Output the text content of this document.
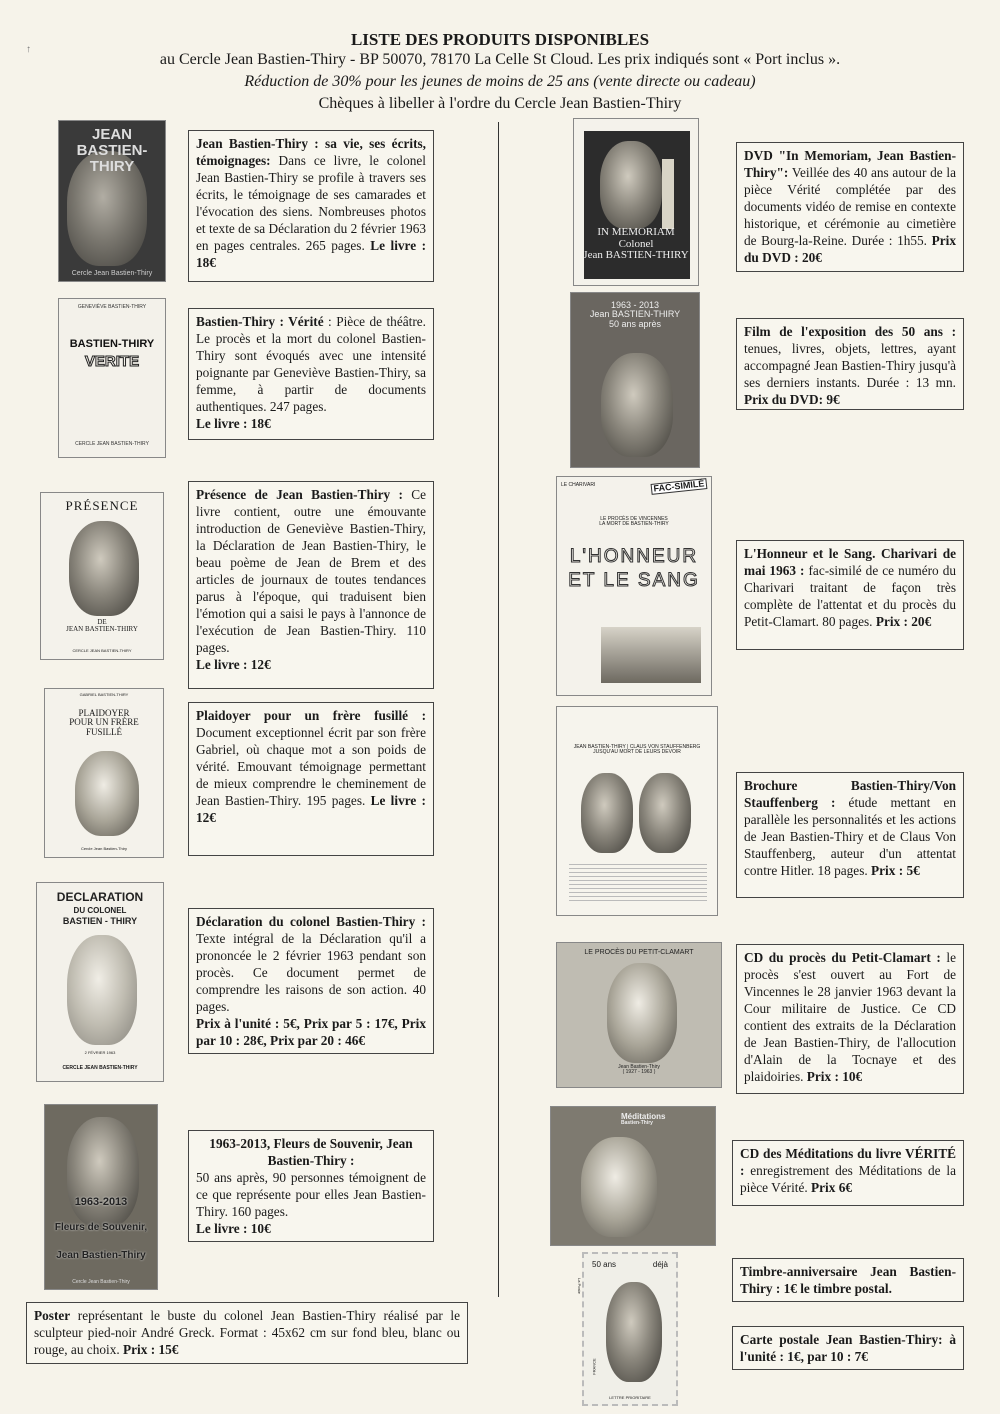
LISTE DES PRODUITS DISPONIBLES
au Cercle Jean Bastien-Thiry - BP 50070, 78170 La Celle St Cloud. Les prix indiqués sont « Port inclus ».
Réduction de 30% pour les jeunes de moins de 25 ans (vente directe ou cadeau)
Chèques à libeller à l'ordre du Cercle Jean Bastien-Thiry
↑
JEAN
BASTIEN-
THIRY
Cercle Jean Bastien-Thiry
Jean Bastien-Thiry : sa vie, ses écrits, témoignages: Dans ce livre, le colonel Jean Bastien-Thiry se profile à travers ses écrits, le témoignage de ses camarades et l'évocation des siens. Nombreuses photos et texte de sa Déclaration du 2 février 1963 en pages centrales. 265 pages. Le livre : 18€
GENEVIÈVE BASTIEN-THIRY
BASTIEN-THIRY
VERITE
CERCLE JEAN BASTIEN-THIRY
Bastien-Thiry : Vérité : Pièce de théâtre. Le procès et la mort du colonel Bastien-Thiry sont évoqués avec une intensité poignante par Geneviève Bastien-Thiry, sa femme, à partir de documents authentiques. 247 pages.
Le livre : 18€
PRÉSENCE
DE
JEAN BASTIEN-THIRY
CERCLE JEAN BASTIEN-THIRY
Présence de Jean Bastien-Thiry : Ce livre contient, outre une émouvante introduction de Geneviève Bastien-Thiry, la Déclaration de Jean Bastien-Thiry, le beau poème de Jean de Brem et des articles de journaux de toutes tendances parus à l'époque, qui traduisent bien l'émotion qui a saisi le pays à l'annonce de l'exécution de Jean Bastien-Thiry. 110 pages.
Le livre : 12€
GABRIEL BASTIEN-THIRY
PLAIDOYER
POUR UN FRÈRE
FUSILLÉ
Cercle Jean Bastien-Thiry
Plaidoyer pour un frère fusillé : Document exceptionnel écrit par son frère Gabriel, où chaque mot a son poids de vérité. Emouvant témoignage permettant de mieux comprendre le cheminement de Jean Bastien-Thiry. 195 pages. Le livre : 12€
DECLARATION
DU COLONEL
BASTIEN - THIRY
2 FÉVRIER 1963
CERCLE JEAN BASTIEN-THIRY
Déclaration du colonel Bastien-Thiry : Texte intégral de la Déclaration qu'il a prononcée le 2 février 1963 pendant son procès. Ce document permet de comprendre les raisons de son action. 40 pages.
Prix à l'unité : 5€, Prix par 5 : 17€, Prix par 10 : 28€, Prix par 20 : 46€
1963-2013
Fleurs de Souvenir,
Jean Bastien-Thiry
Cercle Jean Bastien-Thiry
1963-2013, Fleurs de Souvenir, Jean Bastien-Thiry :
50 ans après, 90 personnes témoignent de ce que représente pour elles Jean Bastien-Thiry. 160 pages.
Le livre : 10€
Poster représentant le buste du colonel Jean Bastien-Thiry réalisé par le sculpteur pied-noir André Greck. Format : 45x62 cm sur fond bleu, blanc ou rouge, au choix. Prix : 15€
IN MEMORIAM
Colonel
Jean BASTIEN-THIRY
DVD "In Memoriam, Jean Bastien-Thiry": Veillée des 40 ans autour de la pièce Vérité complétée par des documents vidéo de remise en contexte historique, et cérémonie au cimetière de Bourg-la-Reine. Durée : 1h55. Prix du DVD : 20€
1963 - 2013
Jean BASTIEN-THIRY
50 ans après
Film de l'exposition des 50 ans : tenues, livres, objets, lettres, ayant accompagné Jean Bastien-Thiry jusqu'à ses derniers instants. Durée : 13 mn. Prix du DVD: 9€
LE CHARIVARI	FAC-SIMILÉ
LE PROCÈS DE VINCENNES
LA MORT DE BASTIEN-THIRY
L'HONNEUR
ET LE SANG
L'Honneur et le Sang. Charivari de mai 1963 : fac-similé de ce numéro du Charivari traitant de façon très complète de l'attentat et du procès du Petit-Clamart. 80 pages. Prix : 20€
JEAN BASTIEN-THIRY | CLAUS VON STAUFFENBERG
JUSQU'AU MORT DE LEURS DEVOIR
Brochure Bastien-Thiry/Von Stauffenberg : étude mettant en parallèle les personnalités et les actions de Jean Bastien-Thiry et de Claus Von Stauffenberg, auteur d'un attentat contre Hitler. 18 pages. Prix : 5€
LE PROCÈS DU PETIT-CLAMART
Jean Bastien-Thiry
( 1927 - 1963 )
CD du procès du Petit-Clamart : le procès s'est ouvert au Fort de Vincennes le 28 janvier 1963 devant la Cour militaire de Justice. Ce CD contient des extraits de la Déclaration de Jean Bastien-Thiry, de l'allocution d'Alain de la Tocnaye et des plaidoiries. Prix : 10€
Méditations
Bastien-Thiry
CD des Méditations du livre VÉRITÉ : enregistrement des Méditations de la pièce Vérité. Prix 6€
50 ans	déjà
La Poste
FRANCE
LETTRE PRIORITAIRE
Timbre-anniversaire Jean Bastien-Thiry : 1€ le timbre postal.
Carte postale Jean Bastien-Thiry: à l'unité : 1€, par 10 : 7€
